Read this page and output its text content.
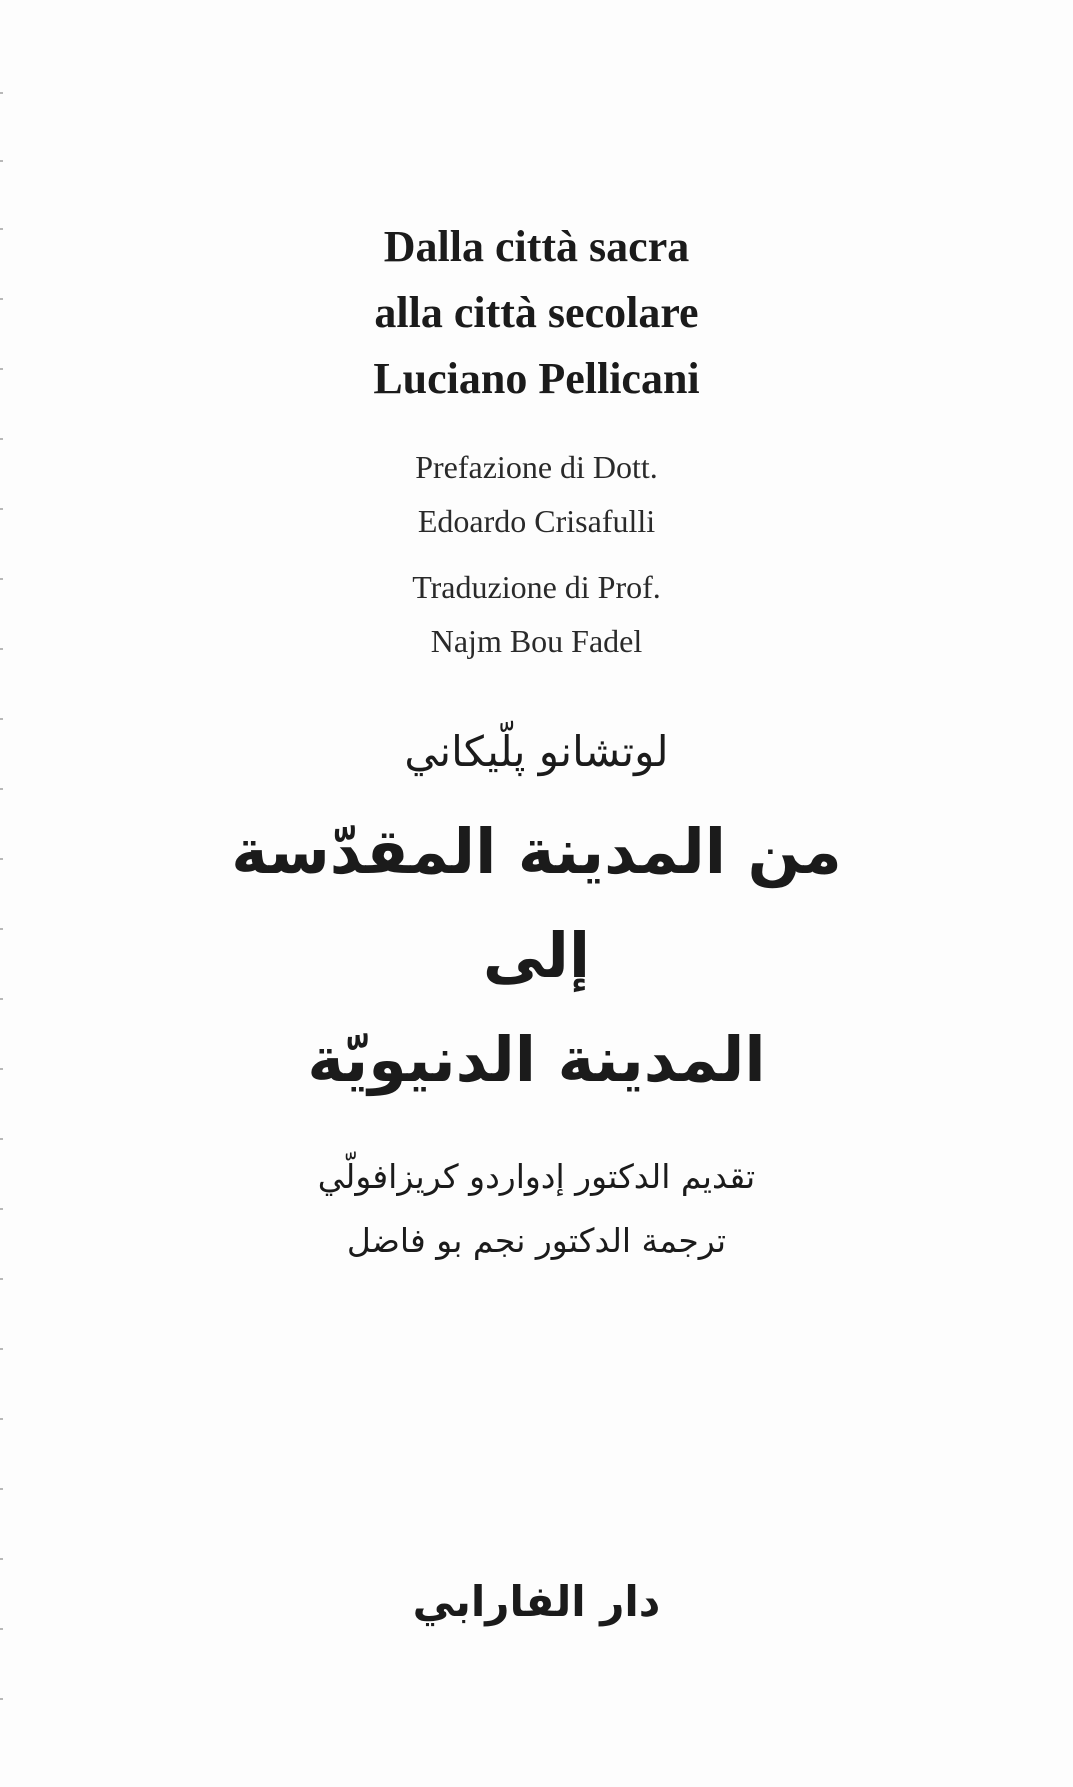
Dalla città sacra
alla città secolare
Luciano Pellicani
Prefazione di Dott.
Edoardo Crisafulli
Traduzione di Prof.
Najm Bou Fadel
لوتشانو پلّيكاني
من المدينة المقدّسة
إلى
المدينة الدنيويّة
تقديم الدكتور إدواردو كريزافولّي
ترجمة الدكتور نجم بو فاضل
دار الفارابي
